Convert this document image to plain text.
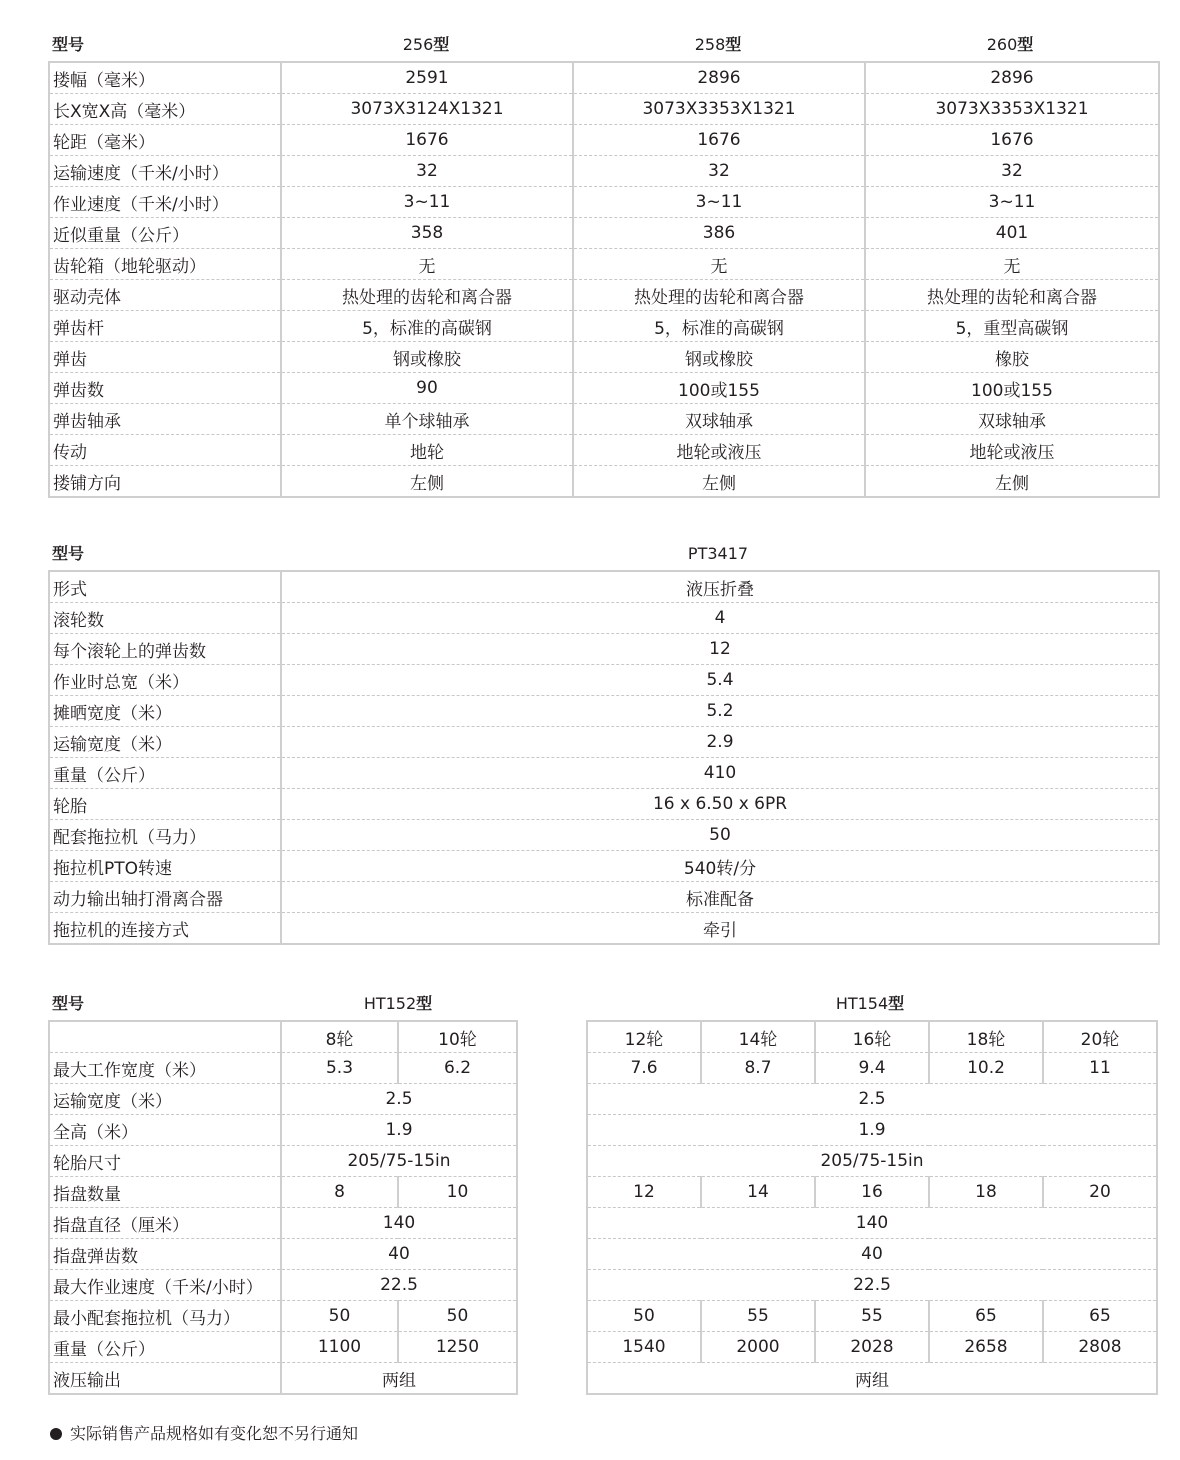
型号	256型	258型	260型
搂幅（毫米）	2591	2896	2896
长X宽X高（毫米）	3073X3124X1321	3073X3353X1321	3073X3353X1321
轮距（毫米）	1676	1676	1676
运输速度（千米/小时）	32	32	32
作业速度（千米/小时）	3~11	3~11	3~11
近似重量（公斤）	358	386	401
齿轮箱（地轮驱动）	无	无	无
驱动壳体	热处理的齿轮和离合器	热处理的齿轮和离合器	热处理的齿轮和离合器
弹齿杆	5，标准的高碳钢	5，标准的高碳钢	5，重型高碳钢
弹齿	钢或橡胶	钢或橡胶	橡胶
弹齿数	90	100或155	100或155
弹齿轴承	单个球轴承	双球轴承	双球轴承
传动	地轮	地轮或液压	地轮或液压
搂铺方向	左侧	左侧	左侧
型号	PT3417
形式	液压折叠
滚轮数	4
每个滚轮上的弹齿数	12
作业时总宽（米）	5.4
摊晒宽度（米）	5.2
运输宽度（米）	2.9
重量（公斤）	410
轮胎	16 x 6.50 x 6PR
配套拖拉机（马力）	50
拖拉机PTO转速	540转/分
动力输出轴打滑离合器	标准配备
拖拉机的连接方式	牵引
型号	HT152型	HT154型
	8轮	10轮
最大工作宽度（米）	5.3	6.2
运输宽度（米）	2.5	
全高（米）	1.9	
轮胎尺寸	205/75-15in	
指盘数量	8	10
指盘直径（厘米）	140	
指盘弹齿数	40	
最大作业速度（千米/小时）	22.5	
最小配套拖拉机（马力）	50	50
重量（公斤）	1100	1250
液压输出	两组	
12轮	14轮	16轮	18轮	20轮
7.6	8.7	9.4	10.2	11
2.5				
1.9				
205/75-15in				
12	14	16	18	20
140				
40				
22.5				
50	55	55	65	65
1540	2000	2028	2658	2808
两组				
实际销售产品规格如有变化恕不另行通知
